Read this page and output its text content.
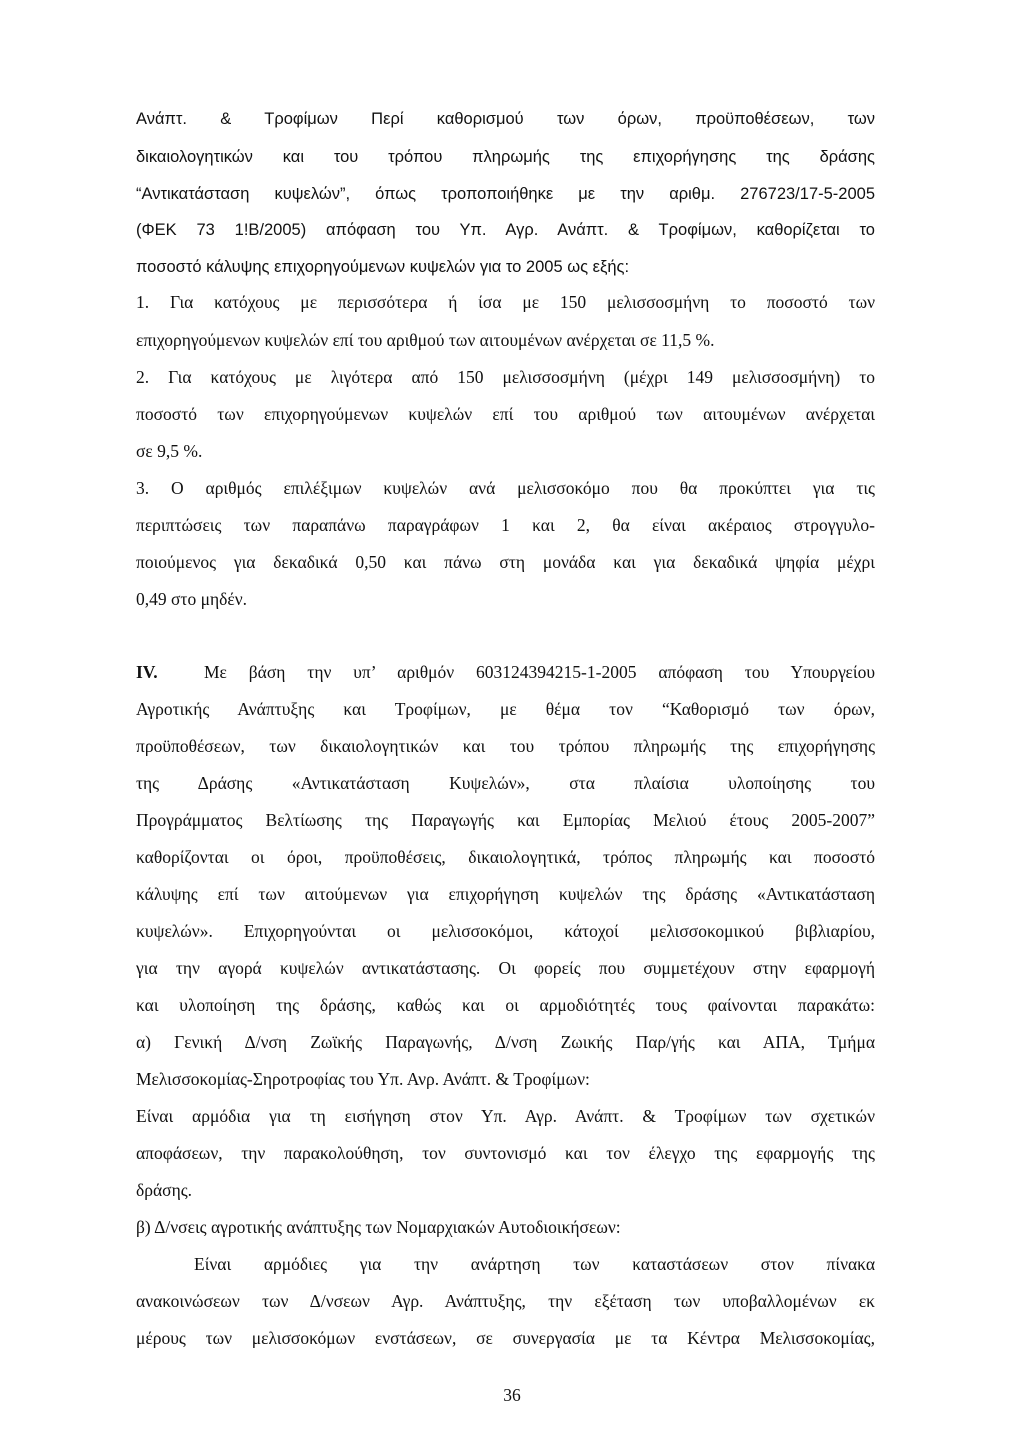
Ανάπτ. & Τροφίμων Περί καθορισμού των όρων, προϋποθέσεων, των
δικαιολογητικών και του τρόπου πληρωμής της επιχορήγησης της δράσης
“Αντικατάσταση κυψελών”, όπως τροποποιήθηκε με την αριθμ. 276723/17-5-2005
(ΦΕΚ 73 1!Β/2005) απόφαση του Υπ. Αγρ. Ανάπτ. & Τροφίμων, καθορίζεται το
ποσοστό κάλυψης επιχορηγούμενων κυψελών για το 2005 ως εξής:
1. Για κατόχους με περισσότερα ή ίσα με 150 μελισσοσμήνη το ποσοστό των
επιχορηγούμενων κυψελών επί του αριθμού των αιτουμένων ανέρχεται σε 11,5 %.
2. Για κατόχους με λιγότερα από 150 μελισσοσμήνη (μέχρι 149 μελισσοσμήνη) το
ποσοστό των επιχορηγούμενων κυψελών επί του αριθμού των αιτουμένων ανέρχεται
σε 9,5 %.
3. Ο αριθμός επιλέξιμων κυψελών ανά μελισσοκόμο που θα προκύπτει για τις
περιπτώσεις των παραπάνω παραγράφων 1 και 2, θα είναι ακέραιος στρογγυλο-
ποιούμενος για δεκαδικά 0,50 και πάνω στη μονάδα και για δεκαδικά ψηφία μέχρι
0,49 στο μηδέν.
IV.	Με βάση την υπ’ αριθμόν 603124394215-1-2005 απόφαση του Υπουργείου
Αγροτικής Ανάπτυξης και Τροφίμων, με θέμα τον “Καθορισμό των όρων,
προϋποθέσεων, των δικαιολογητικών και του τρόπου πληρωμής της επιχορήγησης
της Δράσης «Αντικατάσταση Κυψελών», στα πλαίσια υλοποίησης του
Προγράμματος Βελτίωσης της Παραγωγής και Εμπορίας Μελιού έτους 2005-2007”
καθορίζονται οι όροι, προϋποθέσεις, δικαιολογητικά, τρόπος πληρωμής και ποσοστό
κάλυψης επί των αιτούμενων για επιχορήγηση κυψελών της δράσης «Αντικατάσταση
κυψελών». Επιχορηγούνται οι μελισσοκόμοι, κάτοχοί μελισσοκομικού βιβλιαρίου,
για την αγορά κυψελών αντικατάστασης. Οι φορείς που συμμετέχουν στην εφαρμογή
και υλοποίηση της δράσης, καθώς και οι αρμοδιότητές τους φαίνονται παρακάτω:
α) Γενική Δ/νση Ζωϊκής Παραγωνής, Δ/νση Ζωικής Παρ/γής και ΑΠΑ, Τμήμα
Μελισσοκομίας-Σηροτροφίας του Υπ. Ανρ. Ανάπτ. & Τροφίμων:
Είναι αρμόδια για τη εισήγηση στον Υπ. Αγρ. Ανάπτ. & Τροφίμων των σχετικών
αποφάσεων, την παρακολούθηση, τον συντονισμό και τον έλεγχο της εφαρμογής της
δράσης.
β) Δ/νσεις αγροτικής ανάπτυξης των Νομαρχιακών Αυτοδιοικήσεων:
Είναι αρμόδιες για την ανάρτηση των καταστάσεων στον πίνακα
ανακοινώσεων των Δ/νσεων Αγρ. Ανάπτυξης, την εξέταση των υποβαλλομένων εκ
μέρους των μελισσοκόμων ενστάσεων, σε συνεργασία με τα Κέντρα Μελισσοκομίας,
36
